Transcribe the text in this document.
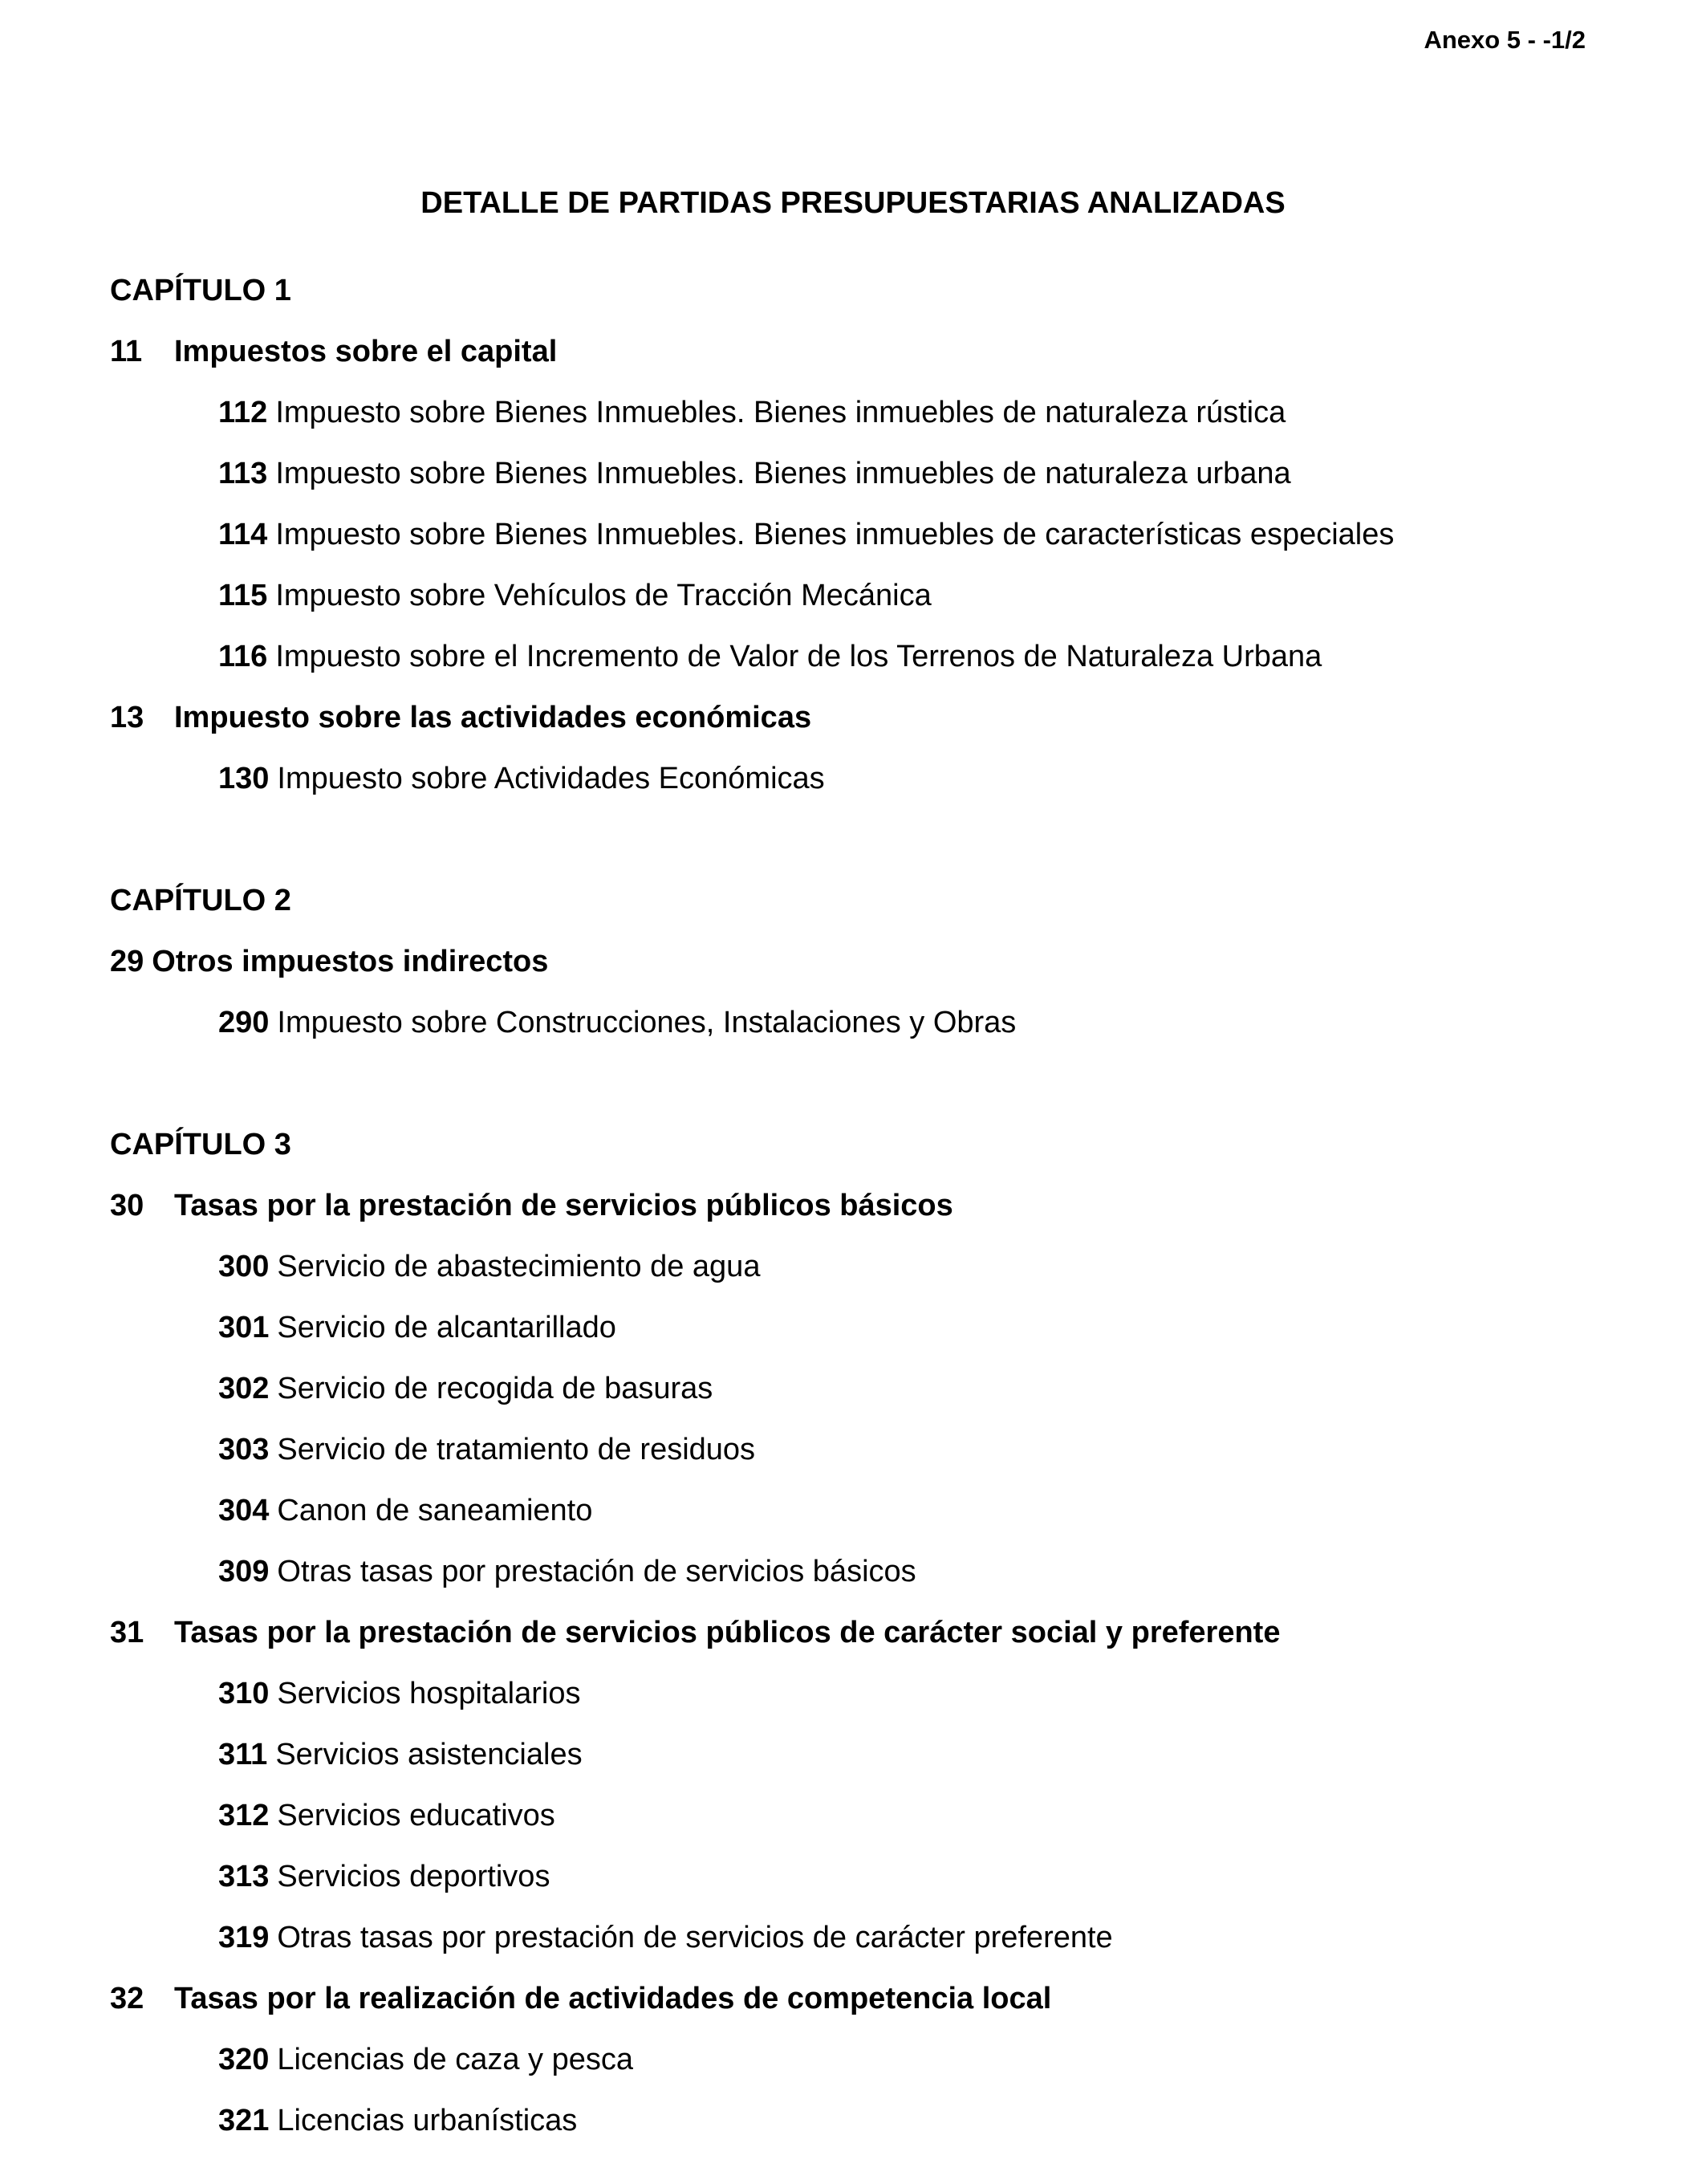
Anexo 5 - -1/2
DETALLE DE PARTIDAS PRESUPUESTARIAS ANALIZADAS
CAPÍTULO 1
11 Impuestos sobre el capital
112 Impuesto sobre Bienes Inmuebles. Bienes inmuebles de naturaleza rústica
113 Impuesto sobre Bienes Inmuebles. Bienes inmuebles de naturaleza urbana
114 Impuesto sobre Bienes Inmuebles. Bienes inmuebles de características especiales
115 Impuesto sobre Vehículos de Tracción Mecánica
116 Impuesto sobre el Incremento de Valor de los Terrenos de Naturaleza Urbana
13 Impuesto sobre las actividades económicas
130 Impuesto sobre Actividades Económicas
CAPÍTULO 2
29 Otros impuestos indirectos
290 Impuesto sobre Construcciones, Instalaciones y Obras
CAPÍTULO 3
30 Tasas por la prestación de servicios públicos básicos
300 Servicio de abastecimiento de agua
301 Servicio de alcantarillado
302 Servicio de recogida de basuras
303 Servicio de tratamiento de residuos
304 Canon de saneamiento
309 Otras tasas por prestación de servicios básicos
31 Tasas por la prestación de servicios públicos de carácter social y preferente
310 Servicios hospitalarios
311 Servicios asistenciales
312 Servicios educativos
313 Servicios deportivos
319 Otras tasas por prestación de servicios de carácter preferente
32 Tasas por la realización de actividades de competencia local
320 Licencias de caza y pesca
321 Licencias urbanísticas
